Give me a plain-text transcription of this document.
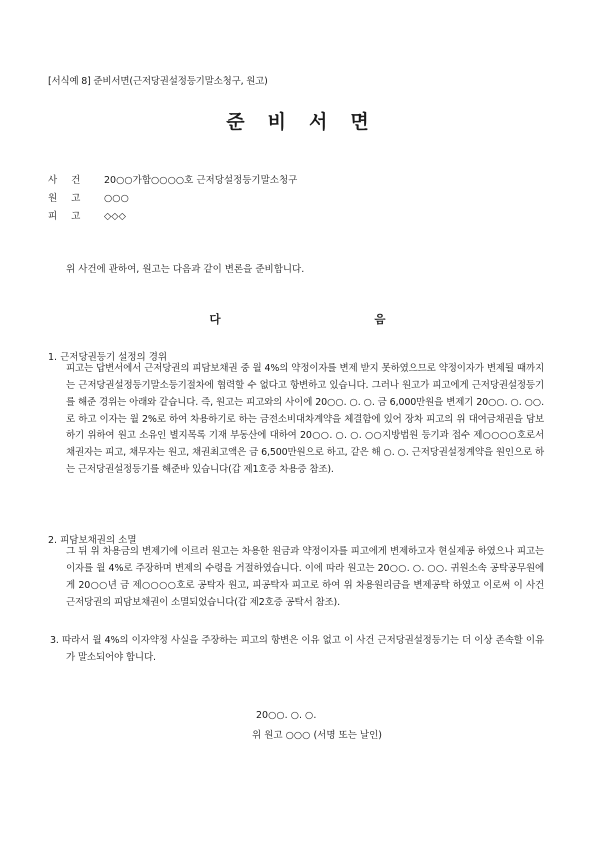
[서식예 8] 준비서면(근저당권설정등기말소청구, 원고)
준비서면
사건 20○○가합○○○○호 근저당설정등기말소청구
원고 ○○○
피고 ◇◇◇
위 사건에 관하여, 원고는 다음과 같이 변론을 준비합니다.
다	음
1. 근저당권등기 설정의 경위
피고는 답변서에서 근저당권의 피담보채권 중 월 4%의 약정이자를 변제 받지 못하였으므로 약정이자가 변제될 때까지는 근저당권설정등기말소등기절차에 협력할 수 없다고 항변하고 있습니다. 그러나 원고가 피고에게 근저당권설정등기를 해준 경위는 아래와 같습니다. 즉, 원고는 피고와의 사이에 20○○. ○. ○. 금 6,000만원을 변제기 20○○. ○. ○○.로 하고 이자는 월 2%로 하여 차용하기로 하는 금전소비대차계약을 체결함에 있어 장차 피고의 위 대여금채권을 담보하기 위하여 원고 소유인 별지목록 기재 부동산에 대하여 20○○. ○. ○. ○○지방법원 등기과 접수 제○○○○호로서 채권자는 피고, 채무자는 원고, 채권최고액은 금 6,500만원으로 하고, 같은 해 ○. ○. 근저당권설정계약을 원인으로 하는 근저당권설정등기를 해준바 있습니다(갑 제1호증 차용증 참조).
2. 피담보채권의 소멸
그 뒤 위 차용금의 변제기에 이르러 원고는 차용한 원금과 약정이자를 피고에게 변제하고자 현실제공 하였으나 피고는 이자를 월 4%로 주장하며 변제의 수령을 거절하였습니다. 이에 따라 원고는 20○○. ○. ○○. 귀원소속 공탁공무원에게 20○○년 금 제○○○○호로 공탁자 원고, 피공탁자 피고로 하여 위 차용원리금을 변제공탁 하였고 이로써 이 사건 근저당권의 피담보채권이 소멸되었습니다(갑 제2호증 공탁서 참조).
3. 따라서 월 4%의 이자약정 사실을 주장하는 피고의 항변은 이유 없고 이 사건 근저당권설정등기는 더 이상 존속할 이유가 말소되어야 합니다.
20○○. ○. ○.
위 원고 ○○○ (서명 또는 날인)
